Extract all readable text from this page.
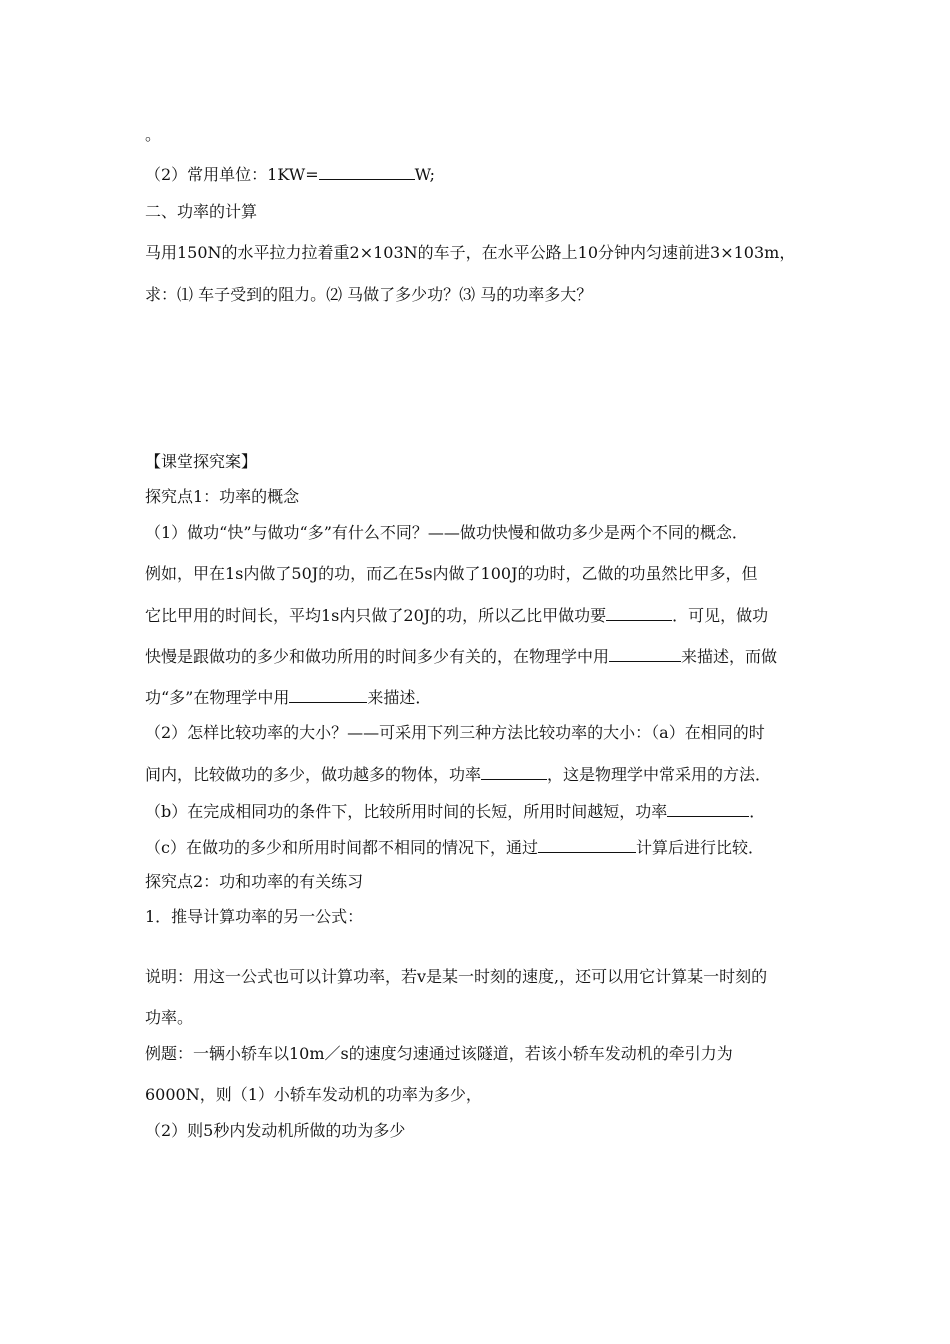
。
（2）常用单位：1KW=	W;
二、功率的计算
马用150N的水平拉力拉着重2×103N的车子，在水平公路上10分钟内匀速前进3×103m，
求：⑴ 车子受到的阻力。⑵ 马做了多少功？⑶ 马的功率多大？
【课堂探究案】
探究点1：功率的概念
（1）做功“快”与做功“多”有什么不同？——做功快慢和做功多少是两个不同的概念．
例如，甲在1s内做了50J的功，而乙在5s内做了100J的功时，乙做的功虽然比甲多，但
它比甲用的时间长，平均1s内只做了20J的功，所以乙比甲做功要	．可见，做功
快慢是跟做功的多少和做功所用的时间多少有关的，在物理学中用	来描述，而做
功“多”在物理学中用	来描述．
（2）怎样比较功率的大小？——可采用下列三种方法比较功率的大小：（a）在相同的时
间内，比较做功的多少，做功越多的物体，功率	，这是物理学中常采用的方法．
（b）在完成相同功的条件下，比较所用时间的长短，所用时间越短，功率	．
（c）在做功的多少和所用时间都不相同的情况下，通过	计算后进行比较．
探究点2：功和功率的有关练习
1．推导计算功率的另一公式：
说明：用这一公式也可以计算功率，若v是某一时刻的速度,，还可以用它计算某一时刻的
功率。
例题：一辆小轿车以10m／s的速度匀速通过该隧道，若该小轿车发动机的牵引力为
6000N，则（1）小轿车发动机的功率为多少，
（2）则5秒内发动机所做的功为多少
